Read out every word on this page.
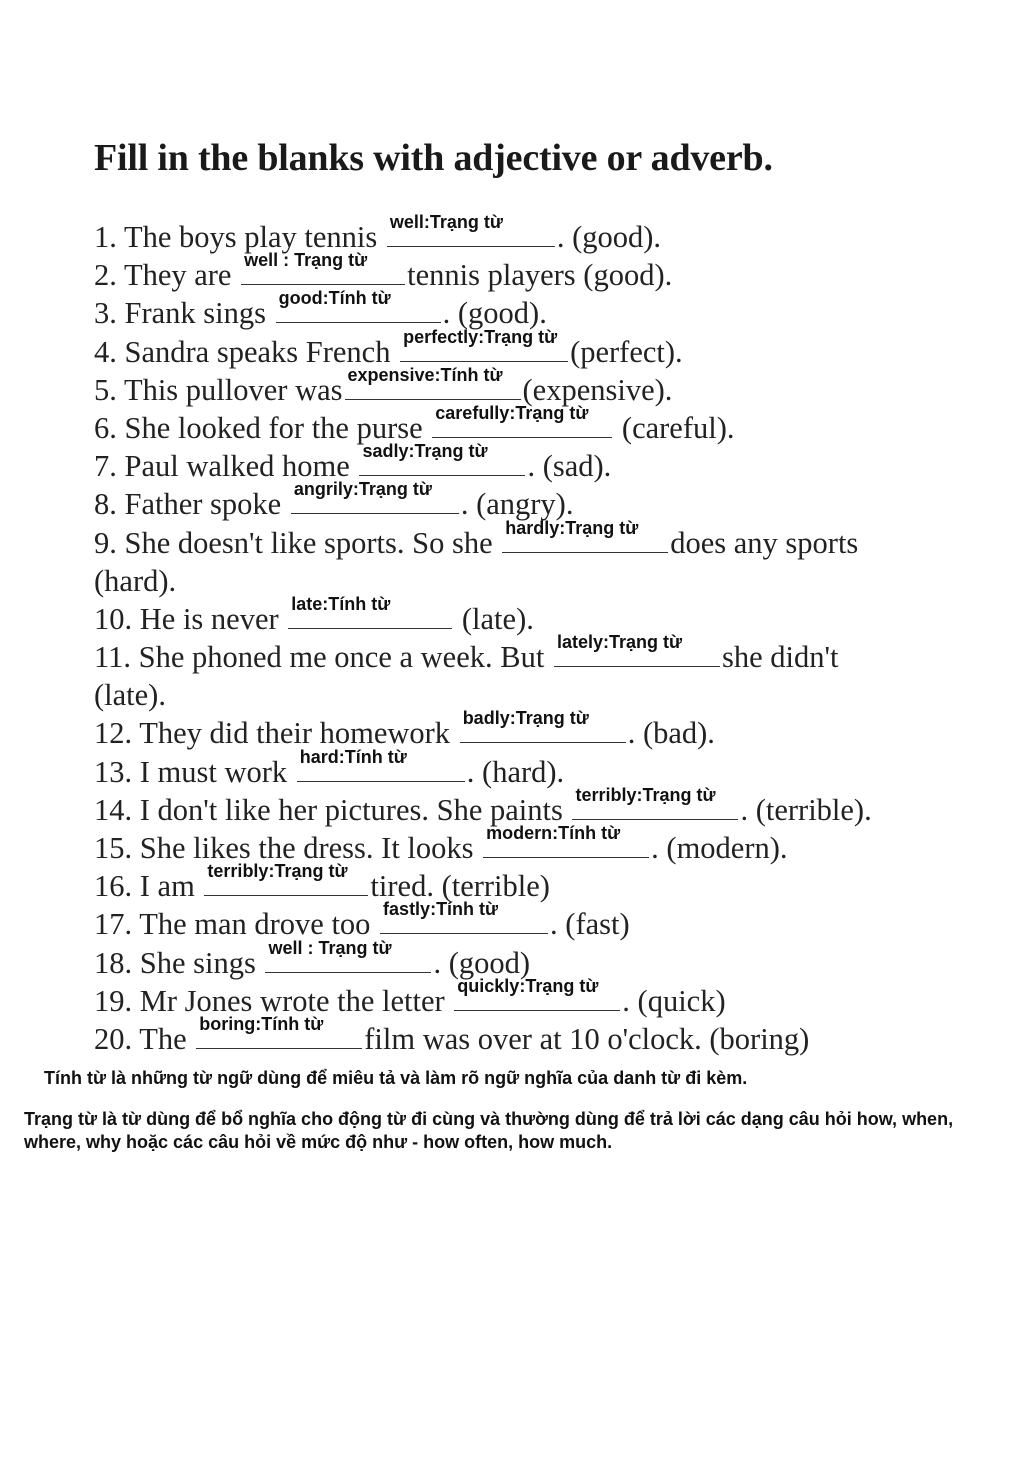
Fill in the blanks with adjective or adverb.
1. The boys play tennis well:Trạng từ . (good).
2. They are well : Trạng từ tennis players (good).
3. Frank sings good:Tính từ . (good).
4. Sandra speaks French perfectly:Trạng từ (perfect).
5. This pullover was expensive:Tính từ (expensive).
6. She looked for the purse carefully:Trạng từ (careful).
7. Paul walked home sadly:Trạng từ . (sad).
8. Father spoke angrily:Trạng từ . (angry).
9. She doesn't like sports. So she hardly:Trạng từ does any sports
(hard).
10. He is never late:Tính từ (late).
11. She phoned me once a week. But lately:Trạng từ she didn't
(late).
12. They did their homework badly:Trạng từ . (bad).
13. I must work hard:Tính từ . (hard).
14. I don't like her pictures. She paints terribly:Trạng từ . (terrible).
15. She likes the dress. It looks modern:Tính từ . (modern).
16. I am terribly:Trạng từ tired. (terrible)
17. The man drove too fastly:Tính từ . (fast)
18. She sings well : Trạng từ . (good)
19. Mr Jones wrote the letter quickly:Trạng từ . (quick)
20. The boring:Tính từ film was over at 10 o'clock. (boring)
Tính từ là những từ ngữ dùng để miêu tả và làm rõ ngữ nghĩa của danh từ đi kèm.
Trạng từ là từ dùng để bổ nghĩa cho động từ đi cùng và thường dùng để trả lời các dạng câu hỏi how, when, where, why hoặc các câu hỏi về mức độ như - how often, how much.
